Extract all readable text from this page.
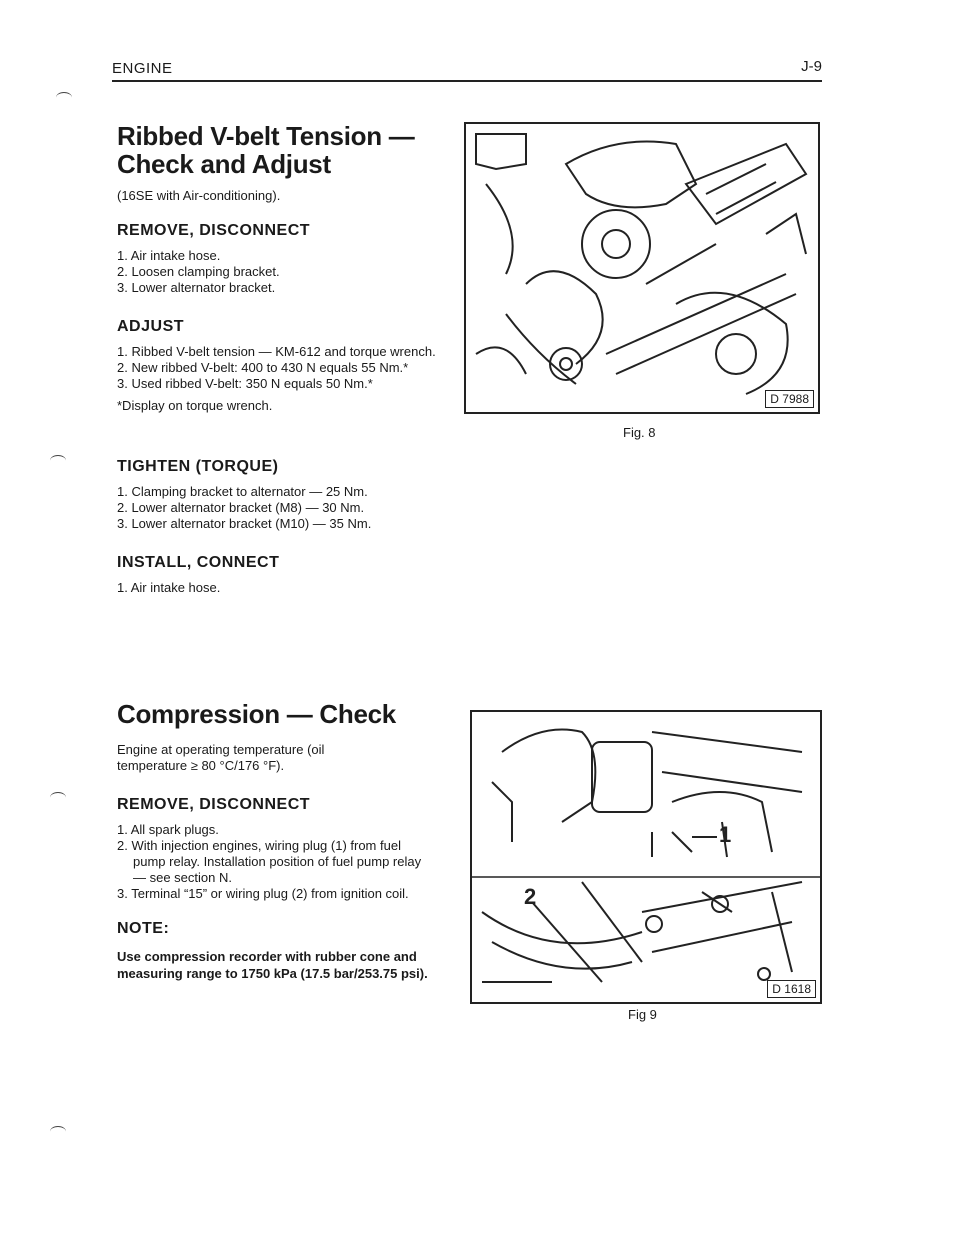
ENGINE	J-9
Ribbed V-belt Tension —
Check and Adjust
(16SE with Air-conditioning).
REMOVE, DISCONNECT
1. Air intake hose.
2. Loosen clamping bracket.
3. Lower alternator bracket.
ADJUST
1. Ribbed V-belt tension — KM-612 and torque wrench.
2. New ribbed V-belt: 400 to 430 N equals 55 Nm.*
3. Used ribbed V-belt: 350 N equals 50 Nm.*
*Display on torque wrench.
TIGHTEN (TORQUE)
1. Clamping bracket to alternator — 25 Nm.
2. Lower alternator bracket (M8) — 30 Nm.
3. Lower alternator bracket (M10) — 35 Nm.
INSTALL, CONNECT
1. Air intake hose.
Compression — Check
Engine at operating temperature (oil temperature ≥ 80 °C/176 °F).
REMOVE, DISCONNECT
1. All spark plugs.
2. With injection engines, wiring plug (1) from fuel pump relay. Installation position of fuel pump relay — see section N.
3. Terminal “15” or wiring plug (2) from ignition coil.
NOTE:
Use compression recorder with rubber cone and measuring range to 1750 kPa (17.5 bar/253.75 psi).
D 7988
Fig. 8
1
2
D 1618
Fig 9
